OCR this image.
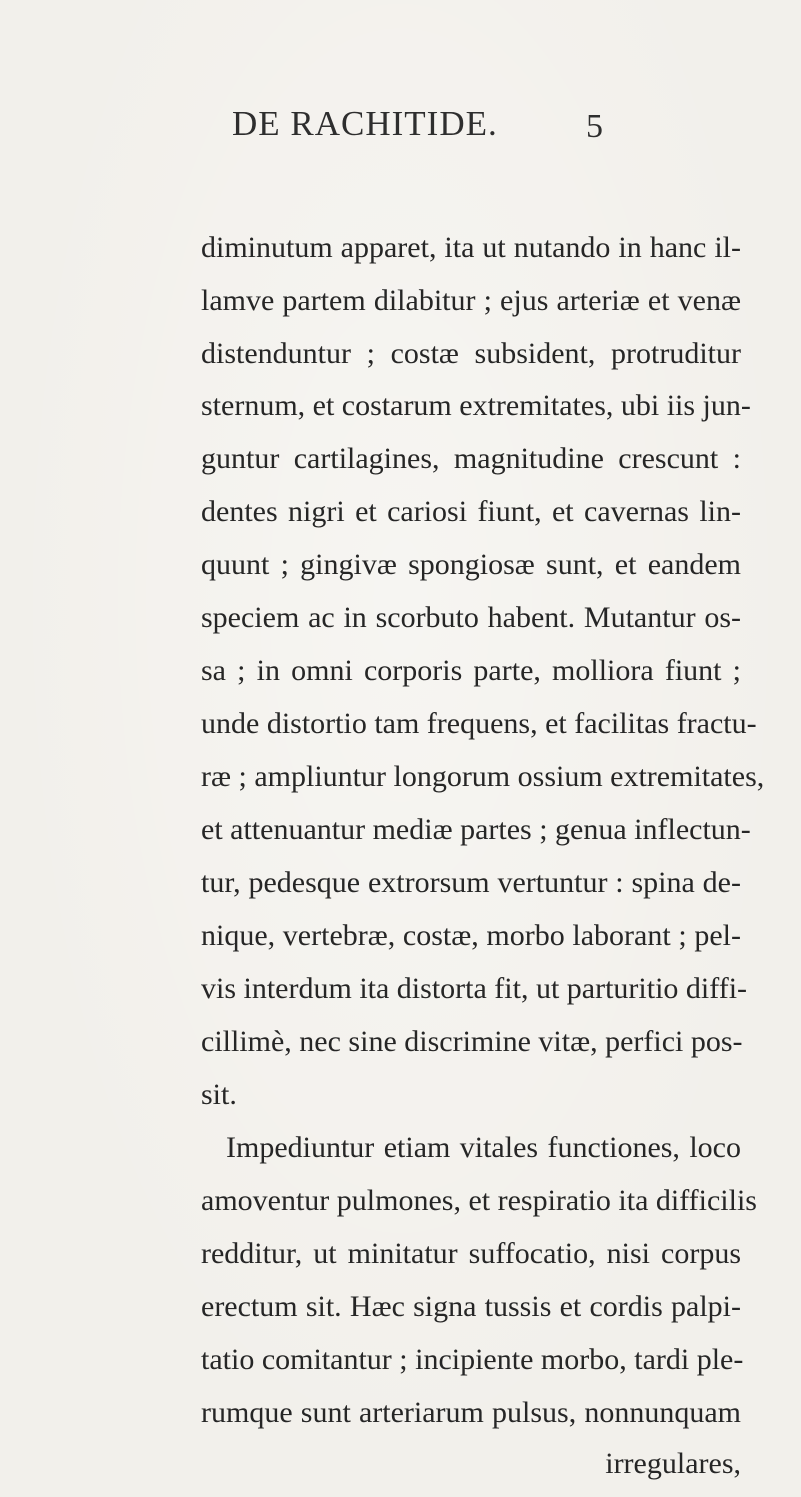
DE RACHITIDE.	5
diminutum apparet, ita ut nutando in hanc il-
lamve partem dilabitur ; ejus arteriæ et venæ
distenduntur ; costæ subsident, protruditur
sternum, et costarum extremitates, ubi iis jun-
guntur cartilagines, magnitudine crescunt :
dentes nigri et cariosi fiunt, et cavernas lin-
quunt ; gingivæ spongiosæ sunt, et eandem
speciem ac in scorbuto habent. Mutantur os-
sa ; in omni corporis parte, molliora fiunt ;
unde distortio tam frequens, et facilitas fractu-
ræ ; ampliuntur longorum ossium extremitates,
et attenuantur mediæ partes ; genua inflectun-
tur, pedesque extrorsum vertuntur : spina de-
nique, vertebræ, costæ, morbo laborant ; pel-
vis interdum ita distorta fit, ut parturitio diffi-
cillimè, nec sine discrimine vitæ, perfici pos-
sit.
Impediuntur etiam vitales functiones, loco
amoventur pulmones, et respiratio ita difficilis
redditur, ut minitatur suffocatio, nisi corpus
erectum sit. Hæc signa tussis et cordis palpi-
tatio comitantur ; incipiente morbo, tardi ple-
rumque sunt arteriarum pulsus, nonnunquam
irregulares,
